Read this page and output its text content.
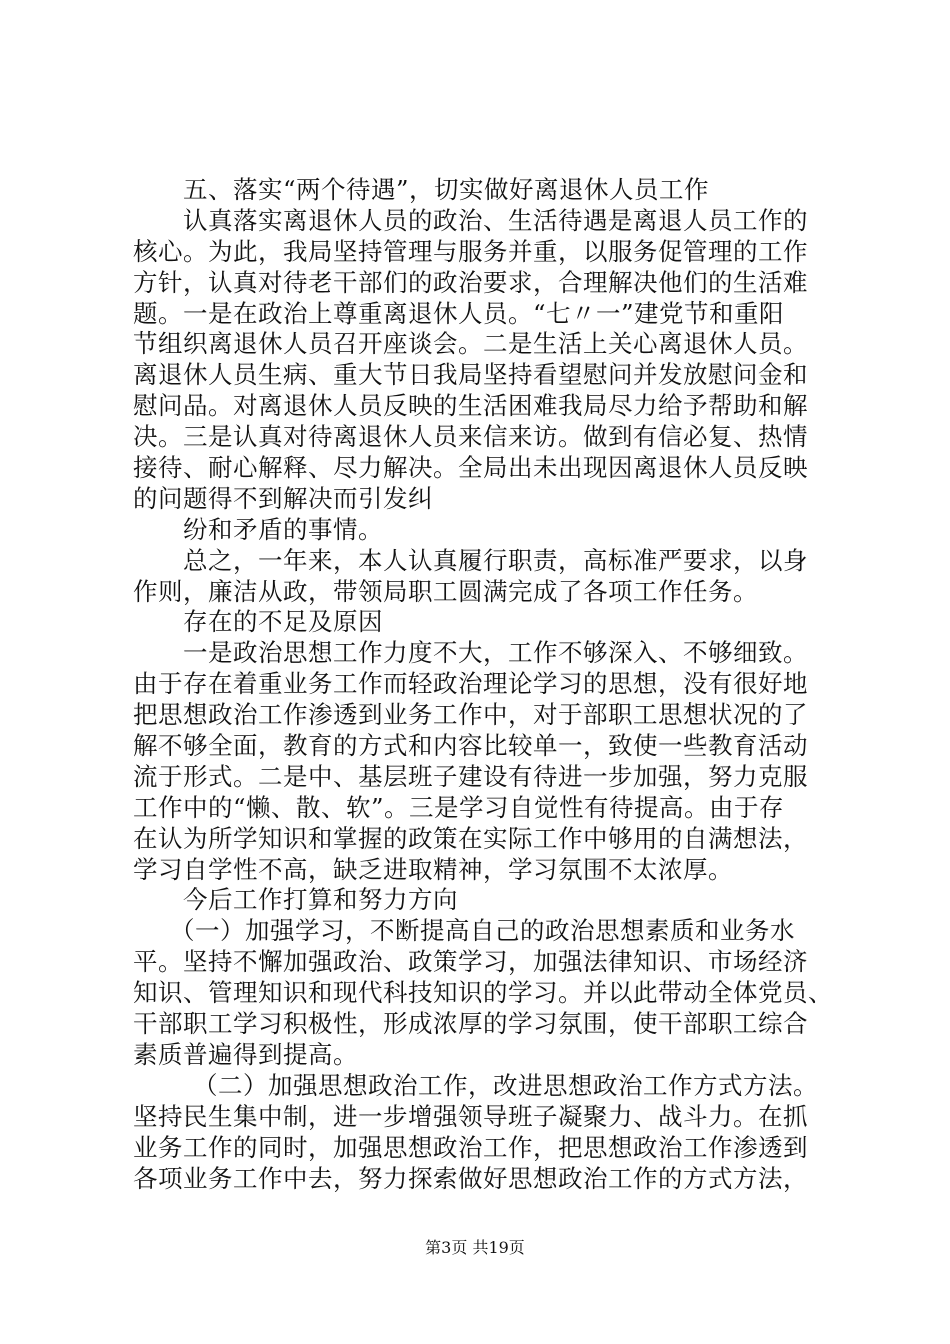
五、落实“两个待遇”，切实做好离退休人员工作
认真落实离退休人员的政治、生活待遇是离退人员工作的
核心。为此，我局坚持管理与服务并重，以服务促管理的工作
方针，认真对待老干部们的政治要求，合理解决他们的生活难
题。一是在政治上尊重离退休人员。“七〃一”建党节和重阳
节组织离退休人员召开座谈会。二是生活上关心离退休人员。
离退休人员生病、重大节日我局坚持看望慰问并发放慰问金和
慰问品。对离退休人员反映的生活困难我局尽力给予帮助和解
决。三是认真对待离退休人员来信来访。做到有信必复、热情
接待、耐心解释、尽力解决。全局出未出现因离退休人员反映
的问题得不到解决而引发纠
纷和矛盾的事情。
总之，一年来，本人认真履行职责，高标准严要求，以身
作则，廉洁从政，带领局职工圆满完成了各项工作任务。
存在的不足及原因
一是政治思想工作力度不大，工作不够深入、不够细致。
由于存在着重业务工作而轻政治理论学习的思想，没有很好地
把思想政治工作渗透到业务工作中，对于部职工思想状况的了
解不够全面，教育的方式和内容比较单一，致使一些教育活动
流于形式。二是中、基层班子建设有待进一步加强，努力克服
工作中的“懒、散、软”。三是学习自觉性有待提高。由于存
在认为所学知识和掌握的政策在实际工作中够用的自满想法，
学习自学性不高，缺乏进取精神，学习氛围不太浓厚。
今后工作打算和努力方向
（一）加强学习，不断提高自己的政治思想素质和业务水
平。坚持不懈加强政治、政策学习，加强法律知识、市场经济
知识、管理知识和现代科技知识的学习。并以此带动全体党员、
干部职工学习积极性，形成浓厚的学习氛围，使干部职工综合
素质普遍得到提高。
（二）加强思想政治工作，改进思想政治工作方式方法。
坚持民生集中制，进一步增强领导班子凝聚力、战斗力。在抓
业务工作的同时，加强思想政治工作，把思想政治工作渗透到
各项业务工作中去，努力探索做好思想政治工作的方式方法，
第3页 共19页
